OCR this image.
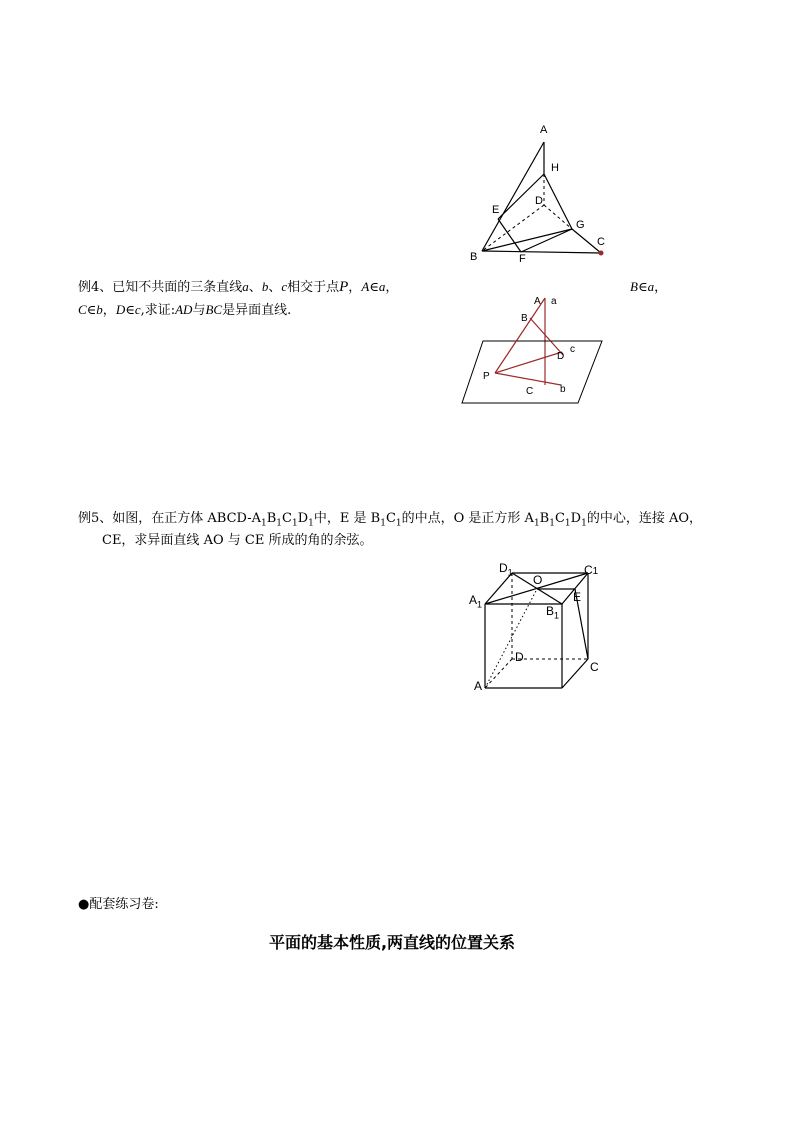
A
H
D
E
G
B	F
C
例4、已知不共面的三条直线a、b、c相交于点P，A∈a，	B∈a，
C∈b，D∈c,求证:AD与BC是异面直线.
A a
B
D
c
P
C	b
例5、如图，在正方体 ABCD-$A_1B_1C_1D_1$中，E 是 $B_1C_1$的中点，O 是正方形 $A_1B_1C_1D_1$的中心，连接 AO，
CE，求异面直线 AO 与 CE 所成的角的余弦。
$D_1$
O
C1
$A_1$
E
$B_1$
D
C
A
●配套练习卷:
平面的基本性质,两直线的位置关系
